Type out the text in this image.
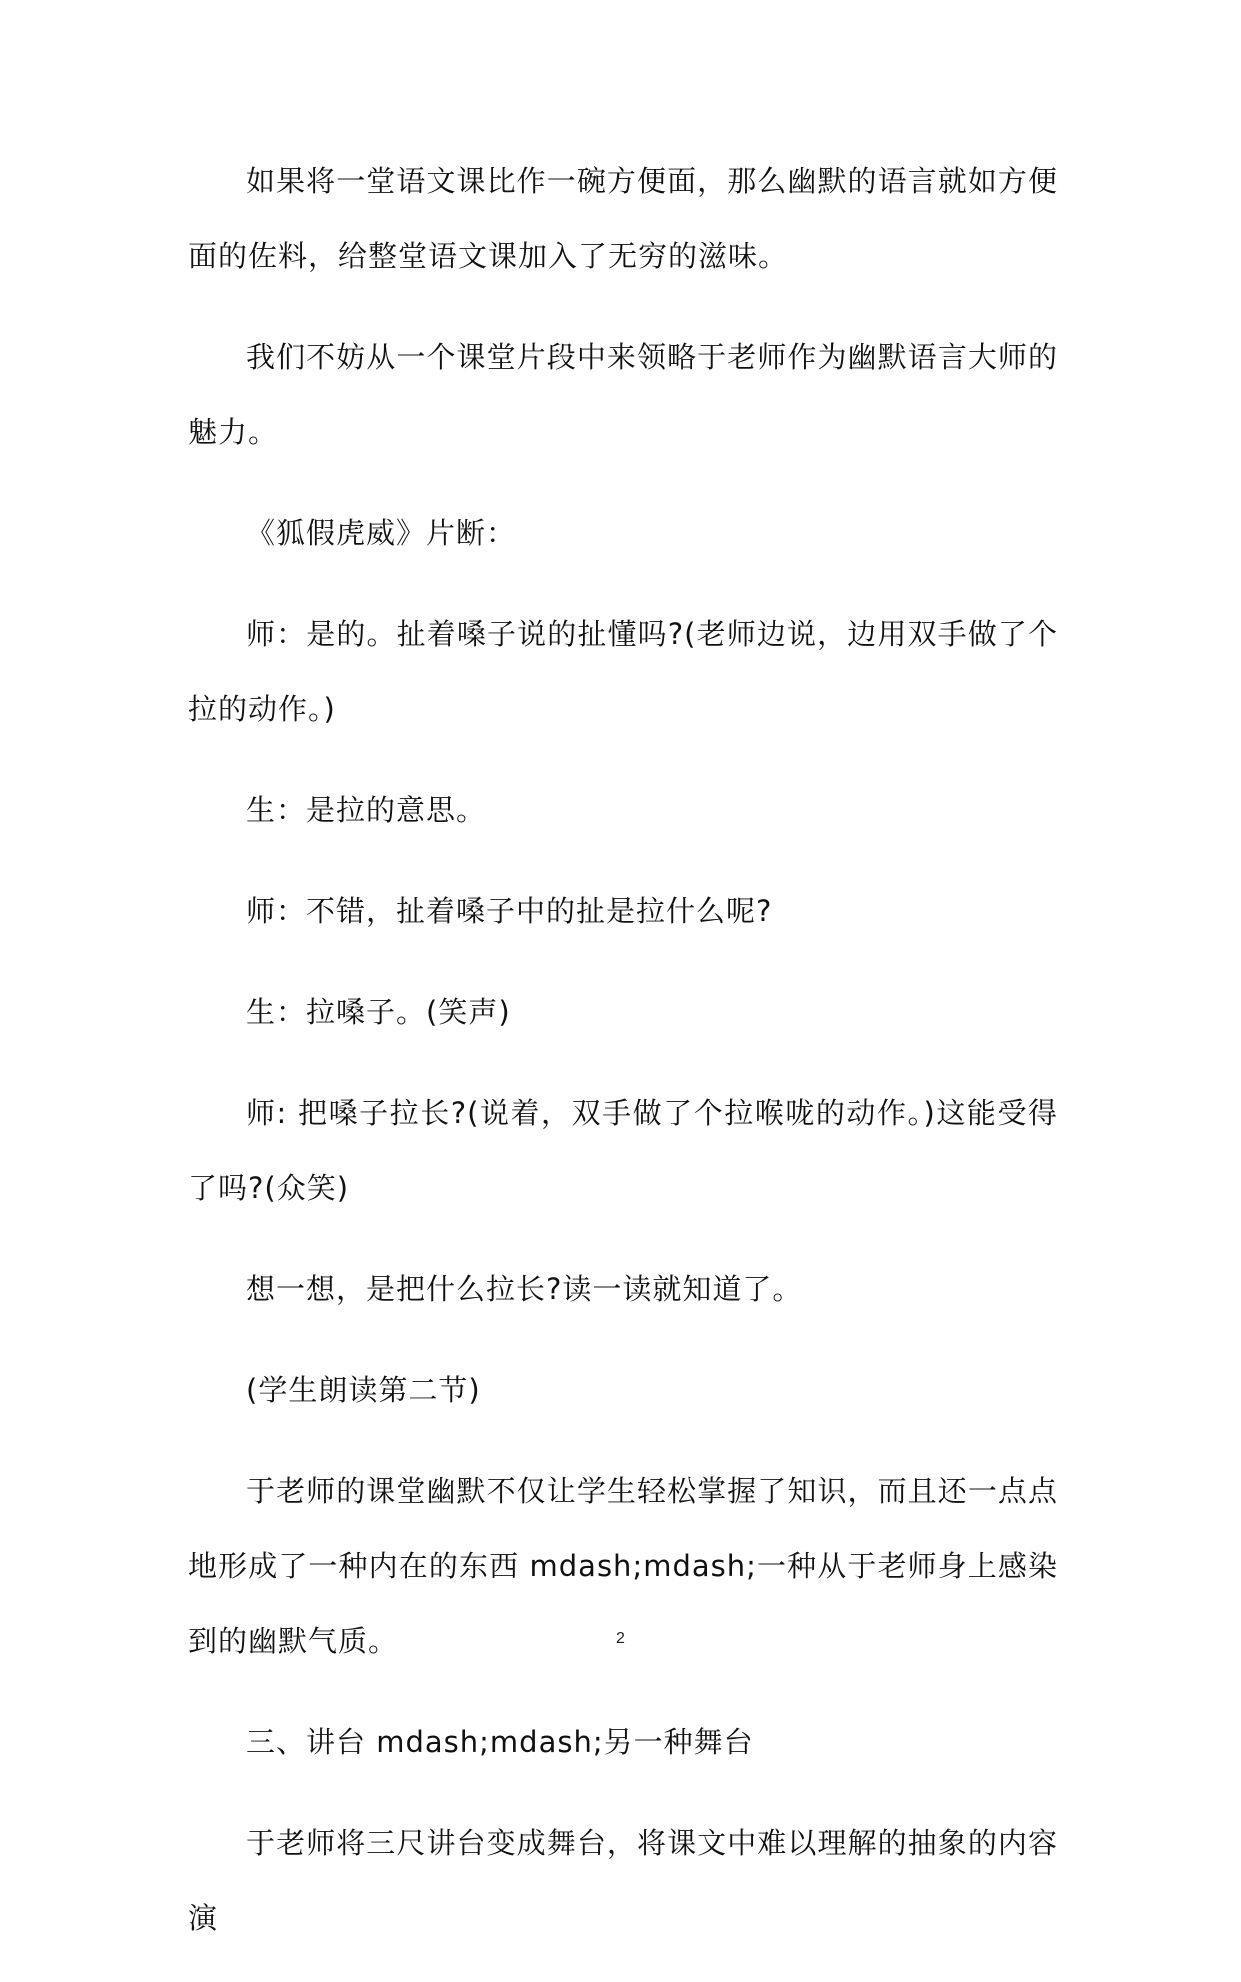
如果将一堂语文课比作一碗方便面，那么幽默的语言就如方便面的佐料，给整堂语文课加入了无穷的滋味。

我们不妨从一个课堂片段中来领略于老师作为幽默语言大师的魅力。

《狐假虎威》片断：

师：是的。扯着嗓子说的扯懂吗?(老师边说，边用双手做了个拉的动作。)

生：是拉的意思。

师：不错，扯着嗓子中的扯是拉什么呢?

生：拉嗓子。(笑声)

师: 把嗓子拉长?(说着，双手做了个拉喉咙的动作。)这能受得了吗?(众笑)

想一想，是把什么拉长?读一读就知道了。

(学生朗读第二节)

于老师的课堂幽默不仅让学生轻松掌握了知识，而且还一点点地形成了一种内在的东西 mdash;mdash;一种从于老师身上感染到的幽默气质。

三、讲台 mdash;mdash;另一种舞台

于老师将三尺讲台变成舞台，将课文中难以理解的抽象的内容演

2
